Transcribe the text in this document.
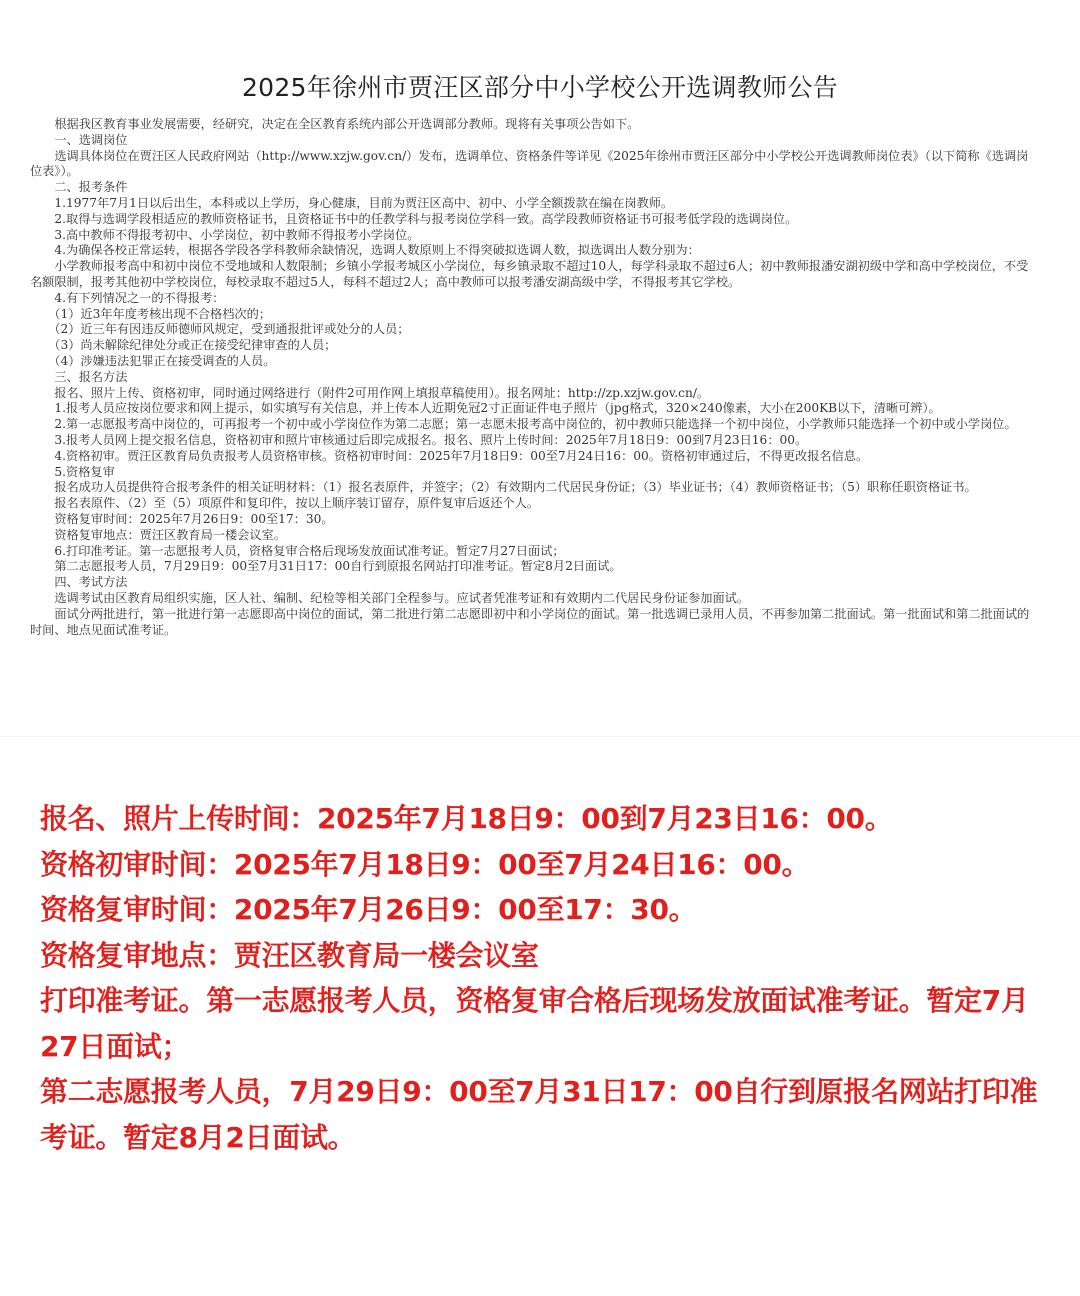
2025年徐州市贾汪区部分中小学校公开选调教师公告

　　根据我区教育事业发展需要，经研究，决定在全区教育系统内部公开选调部分教师。现将有关事项公告如下。

　　一、选调岗位

　　选调具体岗位在贾汪区人民政府网站（http://www.xzjw.gov.cn/）发布，选调单位、资格条件等详见《2025年徐州市贾汪区部分中小学校公开选调教师岗位表》（以下简称《选调岗位表》）。

　　二、报考条件

　　1.1977年7月1日以后出生，本科或以上学历，身心健康，目前为贾汪区高中、初中、小学全额拨款在编在岗教师。

　　2.取得与选调学段相适应的教师资格证书，且资格证书中的任教学科与报考岗位学科一致。高学段教师资格证书可报考低学段的选调岗位。

　　3.高中教师不得报考初中、小学岗位，初中教师不得报考小学岗位。

　　4.为确保各校正常运转，根据各学段各学科教师余缺情况，选调人数原则上不得突破拟选调人数，拟选调出人数分别为：

　　小学教师报考高中和初中岗位不受地域和人数限制；乡镇小学报考城区小学岗位，每乡镇录取不超过10人，每学科录取不超过6人；初中教师报潘安湖初级中学和高中学校岗位，不受名额限制，报考其他初中学校岗位，每校录取不超过5人，每科不超过2人；高中教师可以报考潘安湖高级中学，不得报考其它学校。

　　4.有下列情况之一的不得报考：

　　（1）近3年年度考核出现不合格档次的；

　　（2）近三年有因违反师德师风规定，受到通报批评或处分的人员；

　　（3）尚未解除纪律处分或正在接受纪律审查的人员；

　　（4）涉嫌违法犯罪正在接受调查的人员。

　　三、报名方法

　　报名、照片上传、资格初审，同时通过网络进行（附件2可用作网上填报草稿使用）。报名网址：http://zp.xzjw.gov.cn/。

　　1.报考人员应按岗位要求和网上提示，如实填写有关信息，并上传本人近期免冠2寸正面证件电子照片（jpg格式，320×240像素，大小在200KB以下，清晰可辨）。

　　2.第一志愿报考高中岗位的，可再报考一个初中或小学岗位作为第二志愿；第一志愿未报考高中岗位的，初中教师只能选择一个初中岗位，小学教师只能选择一个初中或小学岗位。

　　3.报考人员网上提交报名信息，资格初审和照片审核通过后即完成报名。报名、照片上传时间：2025年7月18日9：00到7月23日16：00。

　　4.资格初审。贾汪区教育局负责报考人员资格审核。资格初审时间：2025年7月18日9：00至7月24日16：00。资格初审通过后，不得更改报名信息。

　　5.资格复审

　　报名成功人员提供符合报考条件的相关证明材料：（1）报名表原件，并签字；（2）有效期内二代居民身份证；（3）毕业证书；（4）教师资格证书；（5）职称任职资格证书。

　　报名表原件、（2）至（5）项原件和复印件，按以上顺序装订留存，原件复审后返还个人。

　　资格复审时间：2025年7月26日9：00至17：30。

　　资格复审地点：贾汪区教育局一楼会议室。

　　6.打印准考证。第一志愿报考人员，资格复审合格后现场发放面试准考证。暂定7月27日面试；

　　第二志愿报考人员，7月29日9：00至7月31日17：00自行到原报名网站打印准考证。暂定8月2日面试。

　　四、考试方法

　　选调考试由区教育局组织实施，区人社、编制、纪检等相关部门全程参与。应试者凭准考证和有效期内二代居民身份证参加面试。

　　面试分两批进行，第一批进行第一志愿即高中岗位的面试，第二批进行第二志愿即初中和小学岗位的面试。第一批选调已录用人员，不再参加第二批面试。第一批面试和第二批面试的时间、地点见面试准考证。

报名、照片上传时间：2025年7月18日9：00到7月23日16：00。

资格初审时间：2025年7月18日9：00至7月24日16：00。

资格复审时间：2025年7月26日9：00至17：30。

资格复审地点：贾汪区教育局一楼会议室

打印准考证。第一志愿报考人员，资格复审合格后现场发放面试准考证。暂定7月27日面试；

第二志愿报考人员，7月29日9：00至7月31日17：00自行到原报名网站打印准考证。暂定8月2日面试。
